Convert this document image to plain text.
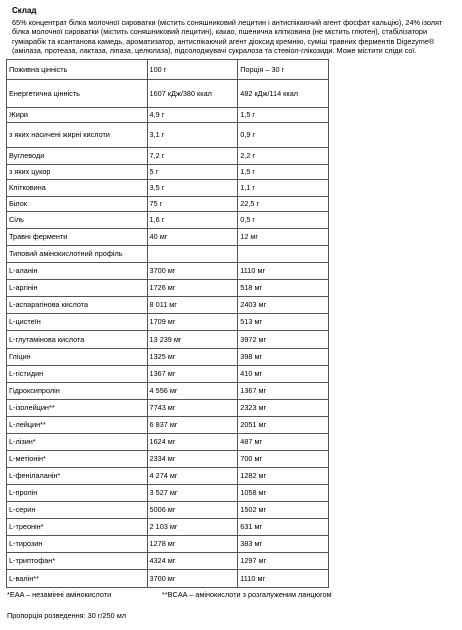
Склад

65% концентрат білка молочної сироватки (містить соняшниковий лецитин і антиспікаючий агент фосфат кальцію), 24% ізолят білка молочної сироватки (містить соняшниковий лецитин), какао, пшенична клітковина (не містить глютен), стабілізатори гуміарабік та ксантанова камедь, ароматизатор, антиспікаючий агент діоксид кремнію, суміш травних ферментів Digezyme® (амілаза, протеаза, лактаза, ліпаза, целюлаза), підсолоджувачі сукралоза та стевіол-глікозиди. Може містити сліди сої.

Поживна цінність	100 г	Порція – 30 г
Енергетична цінність	1607 кДж/380 ккал	482 кДж/114 ккал
Жири	4,9 г	1,5 г
з яких насичені жирні кислоти	3,1 г	0,9 г
Вуглеводи	7,2 г	2,2 г
з яких цукор	5 г	1,5 г
Клітковина	3,5 г	1,1 г
Білок	75 г	22,5 г
Сіль	1,6 г	0,5 г
Травні ферменти	40 мг	12 мг
Типовий амінокислотний профіль		
L-аланін	3700 мг	1110 мг
L-аргінін	1726 мг	518 мг
L-аспарагінова кислота	8 011 мг	2403 мг
L-цистеїн	1709 мг	513 мг
L-глутамінова кислота	13 239 мг	3972 мг
Гліцин	1325 мг	398 мг
L-гістидин	1367 мг	410 мг
Гідроксипролін	4 556 мг	1367 мг
L-ізолейцин**	7743 мг	2323 мг
L-лейцин**	6 837 мг	2051 мг
L-лізин*	1624 мг	487 мг
L-метіонін*	2334 мг	700 мг
L-фенілаланін*	4 274 мг	1282 мг
L-пролін	3 527 мг	1058 мг
L-серин	5006 мг	1502 мг
L-треонін*	2 103 мг	631 мг
L-тирозин	1278 мг	383 мг
L-триптофан*	4324 мг	1297 мг
L-валін**	3700 мг	1110 мг
*EAA – незамінні амінокислоти	**BCAA – амінокислоти з розгалуженим ланцюгом
Пропорція розведення: 30 г/250 мл
